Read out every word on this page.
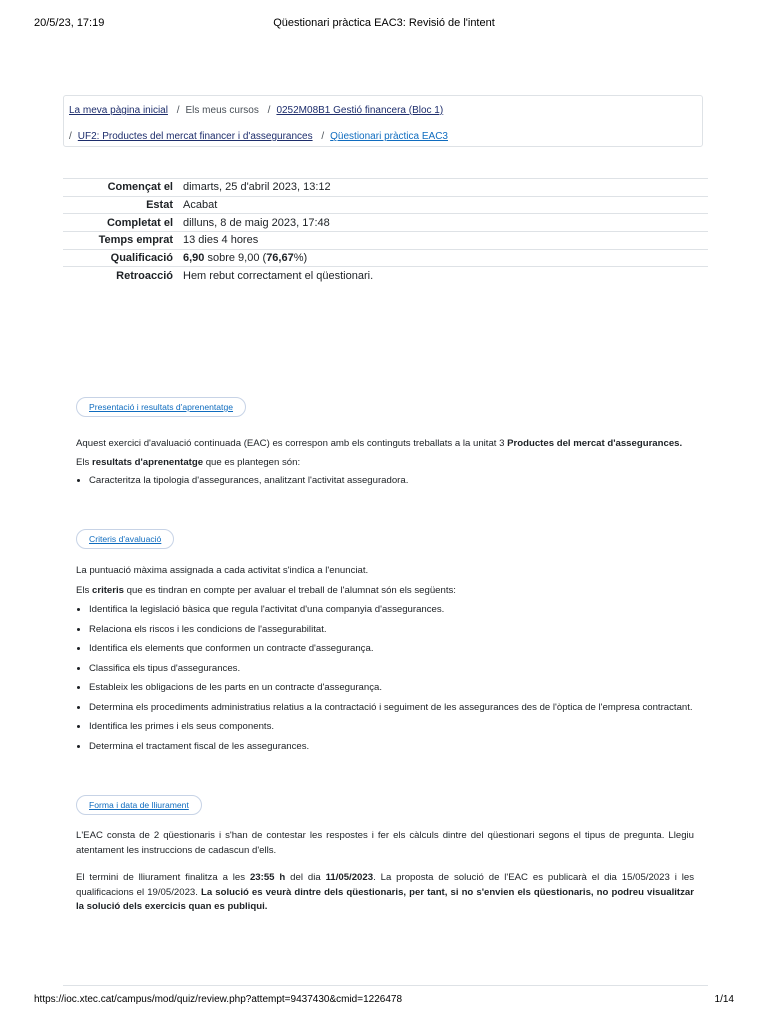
20/5/23, 17:19	Qüestionari pràctica EAC3: Revisió de l'intent
La meva pàgina inicial / Els meus cursos / 0252M08B1 Gestió financera (Bloc 1)
/ UF2: Productes del mercat financer i d'assegurances / Qüestionari pràctica EAC3
Començat el	dimarts, 25 d'abril 2023, 13:12
Estat	Acabat
Completat el	dilluns, 8 de maig 2023, 17:48
Temps emprat	13 dies 4 hores
Qualificació	6,90 sobre 9,00 (76,67%)
Retroacció	Hem rebut correctament el qüestionari.
Presentació i resultats d'aprenentatge

Aquest exercici d'avaluació continuada (EAC) es correspon amb els continguts treballats a la unitat 3 Productes del mercat d'assegurances.

Els resultats d'aprenentatge que es plantegen són:

• Caracteritza la tipologia d'assegurances, analitzant l'activitat asseguradora.
Criteris d'avaluació

La puntuació màxima assignada a cada activitat s'indica a l'enunciat.

Els criteris que es tindran en compte per avaluar el treball de l'alumnat són els següents:

• Identifica la legislació bàsica que regula l'activitat d'una companyia d'assegurances.
• Relaciona els riscos i les condicions de l'assegurabilitat.
• Identifica els elements que conformen un contracte d'assegurança.
• Classifica els tipus d'assegurances.
• Estableix les obligacions de les parts en un contracte d'assegurança.
• Determina els procediments administratius relatius a la contractació i seguiment de les assegurances des de l'òptica de l'empresa contractant.
• Identifica les primes i els seus components.
• Determina el tractament fiscal de les assegurances.
Forma i data de lliurament

L'EAC consta de 2 qüestionaris i s'han de contestar les respostes i fer els càlculs dintre del qüestionari segons el tipus de pregunta. Llegiu atentament les instruccions de cadascun d'ells.

El termini de lliurament finalitza a les 23:55 h del dia 11/05/2023. La proposta de solució de l'EAC es publicarà el dia 15/05/2023 i les qualificacions el 19/05/2023. La solució es veurà dintre dels qüestionaris, per tant, si no s'envien els qüestionaris, no podreu visualitzar la solució dels exercicis quan es publiqui.

https://ioc.xtec.cat/campus/mod/quiz/review.php?attempt=9437430&cmid=1226478	1/14
